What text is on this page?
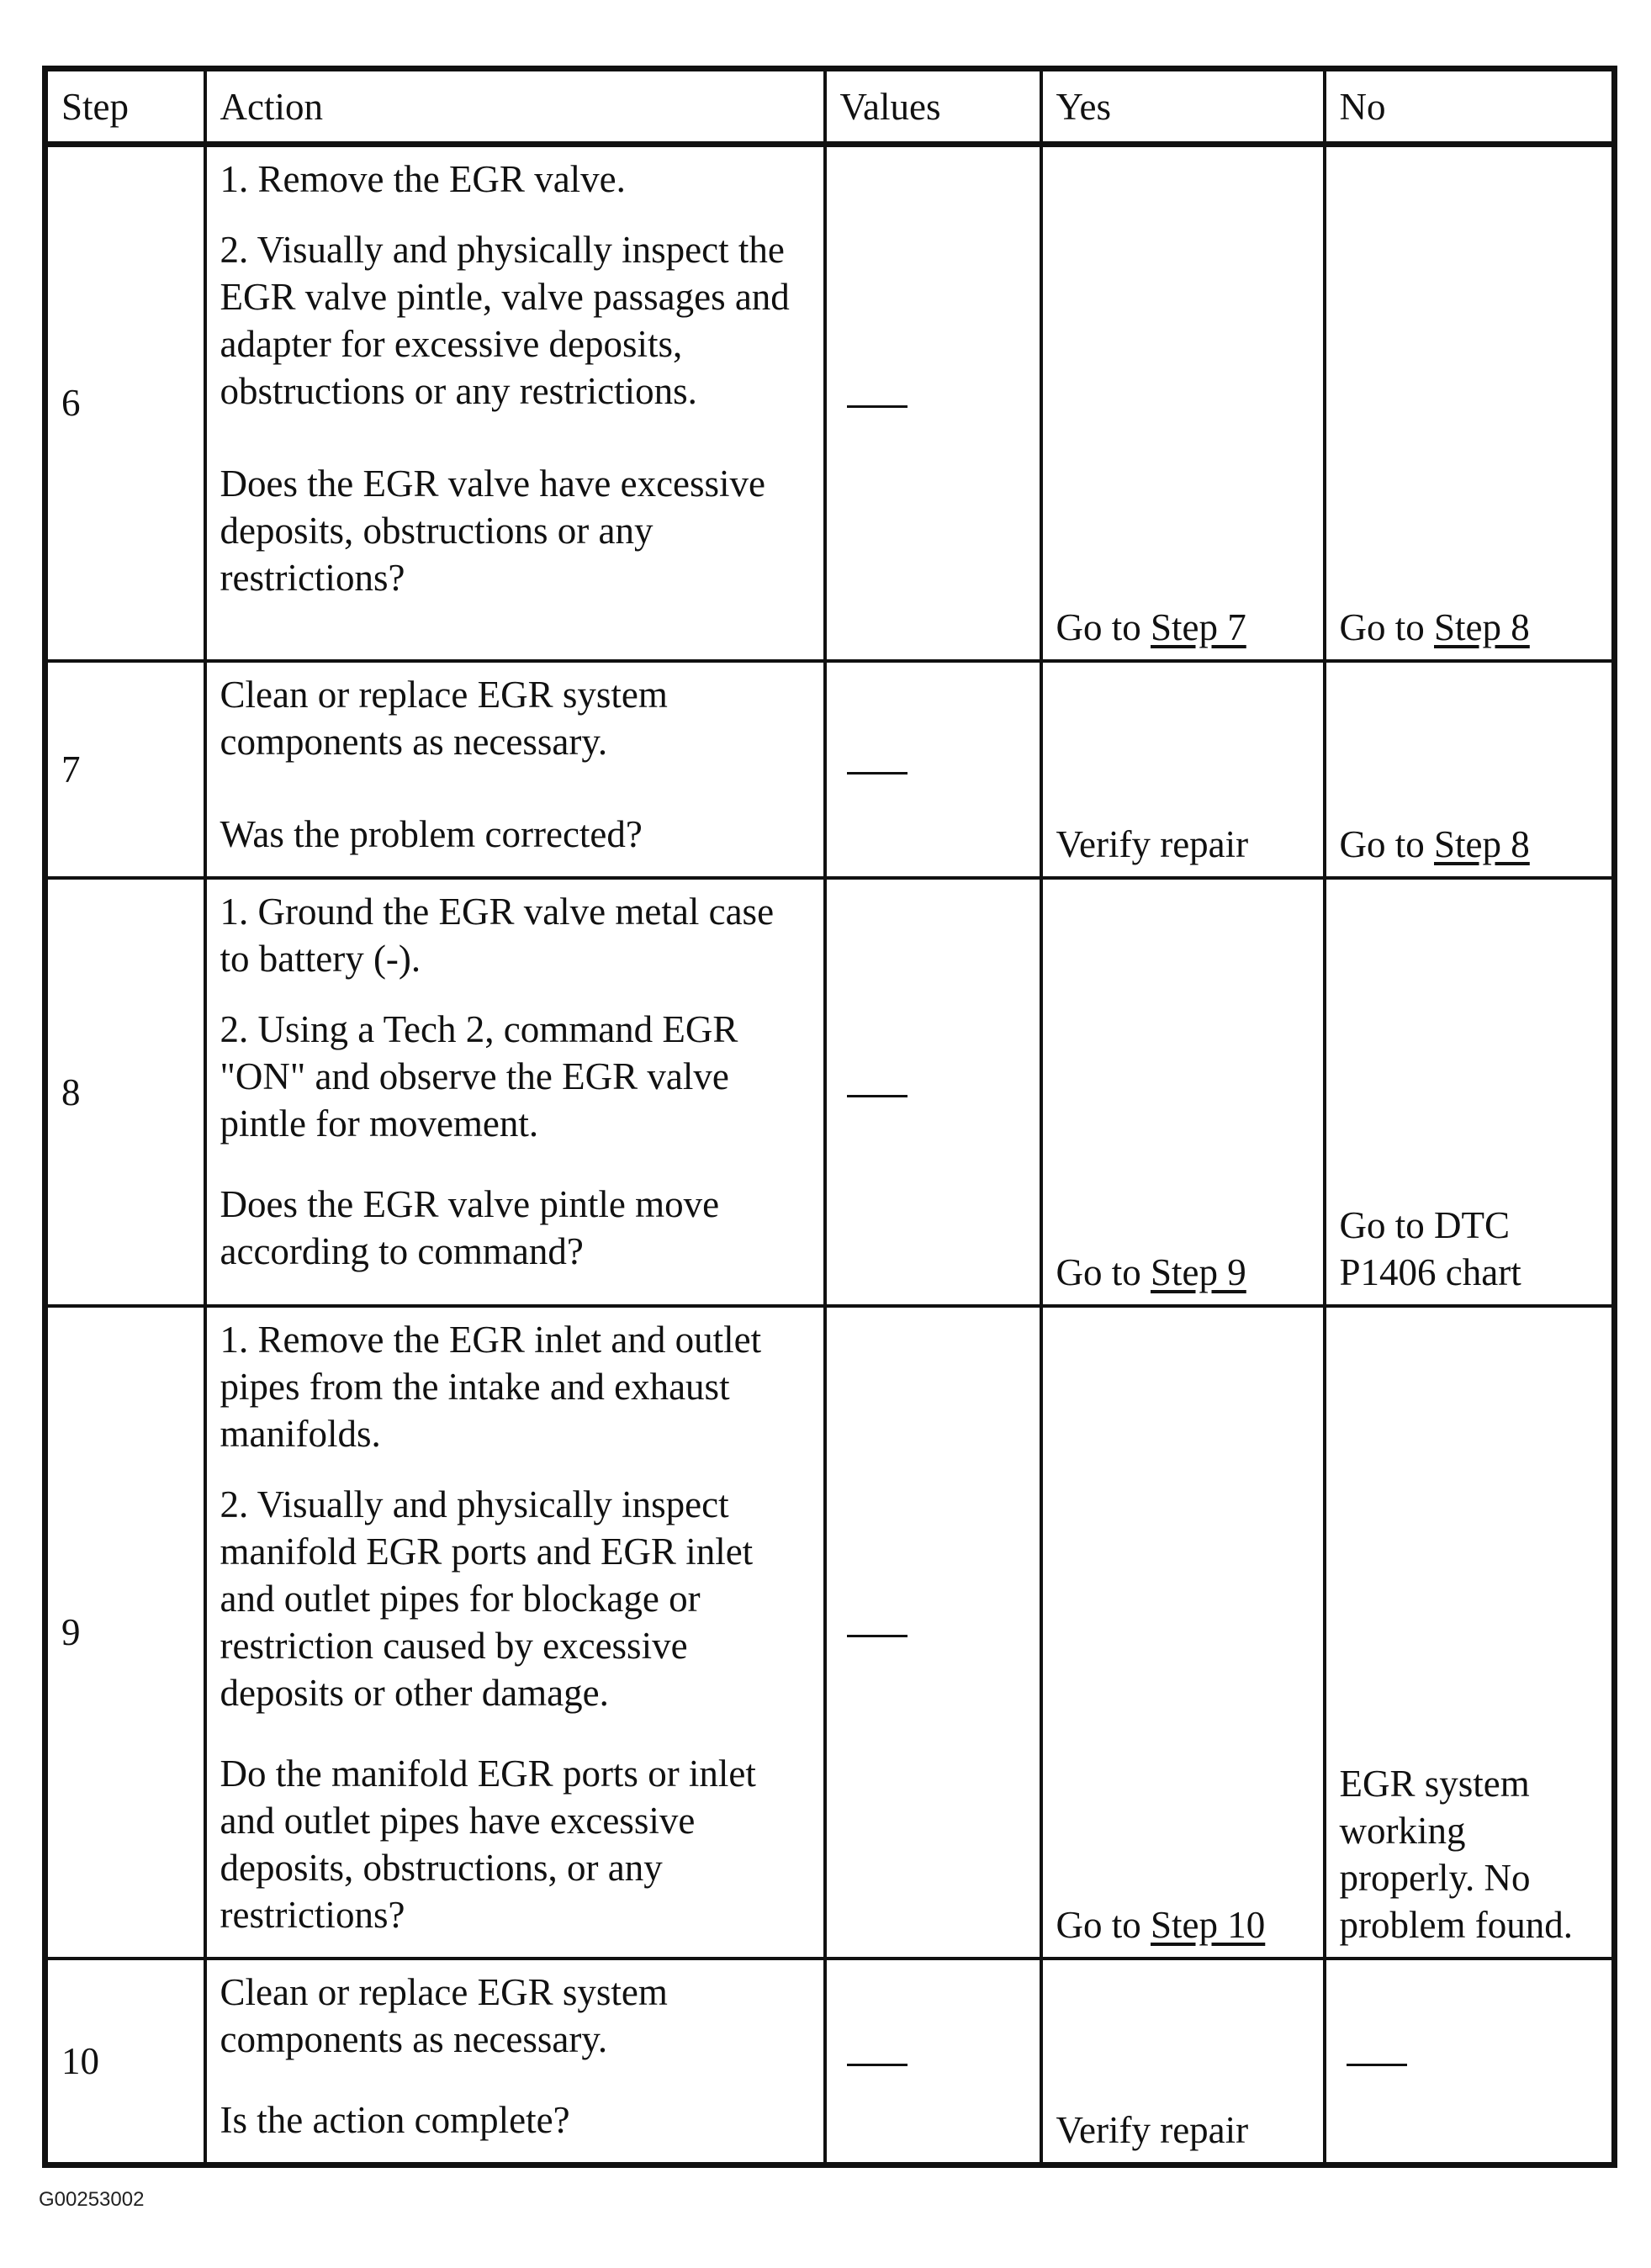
Step	Action	Values	Yes	No
6	1. Remove the EGR valve.

2. Visually and physically inspect the EGR valve pintle, valve passages and adapter for excessive deposits, obstructions or any restrictions.

Does the EGR valve have excessive deposits, obstructions or any restrictions?		Go to Step 7	Go to Step 8
7	Clean or replace EGR system components as necessary.

Was the problem corrected?		Verify repair	Go to Step 8
8	1. Ground the EGR valve metal case to battery (-).

2. Using a Tech 2, command EGR "ON" and observe the EGR valve pintle for movement.

Does the EGR valve pintle move according to command?		Go to Step 9	Go to DTC P1406 chart
9	1. Remove the EGR inlet and outlet pipes from the intake and exhaust manifolds.

2. Visually and physically inspect manifold EGR ports and EGR inlet and outlet pipes for blockage or restriction caused by excessive deposits or other damage.

Do the manifold EGR ports or inlet and outlet pipes have excessive deposits, obstructions, or any restrictions?		Go to Step 10	EGR system working properly. No problem found.
10	Clean or replace EGR system components as necessary.

Is the action complete?		Verify repair	
G00253002
